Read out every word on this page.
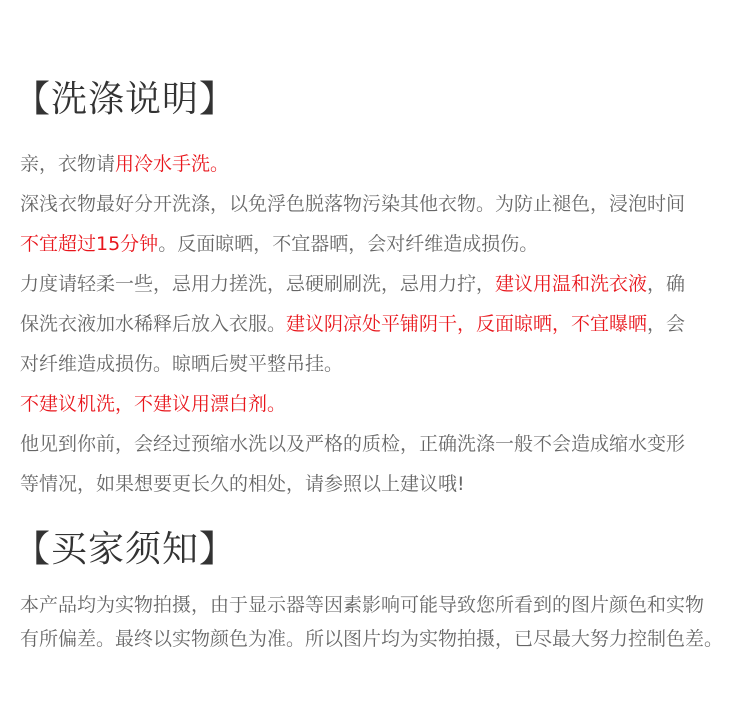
【洗涤说明】
亲，衣物请用冷水手洗。
深浅衣物最好分开洗涤，以免浮色脱落物污染其他衣物。为防止褪色，浸泡时间
不宜超过15分钟。反面晾晒，不宜器晒，会对纤维造成损伤。
力度请轻柔一些，忌用力搓洗，忌硬刷刷洗，忌用力拧，建议用温和洗衣液，确
保洗衣液加水稀释后放入衣服。建议阴凉处平铺阴干，反面晾晒，不宜曝晒，会
对纤维造成损伤。晾晒后熨平整吊挂。
不建议机洗，不建议用漂白剂。
他见到你前，会经过预缩水洗以及严格的质检，正确洗涤一般不会造成缩水变形
等情况，如果想要更长久的相处，请参照以上建议哦!
【买家须知】
本产品均为实物拍摄，由于显示器等因素影响可能导致您所看到的图片颜色和实物
有所偏差。最终以实物颜色为准。所以图片均为实物拍摄，已尽最大努力控制色差。
